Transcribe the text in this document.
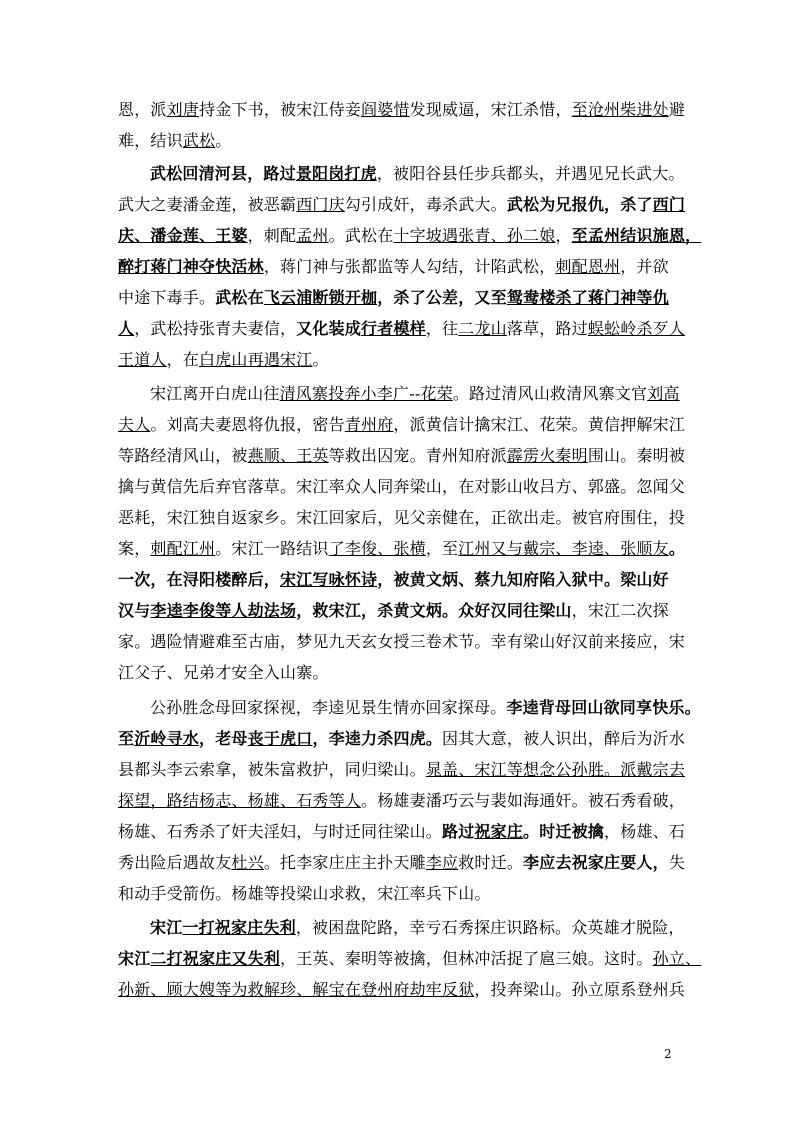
恩，派刘唐持金下书，被宋江侍妾阎婆惜发现威逼，宋江杀惜，至沧州柴进处避
难，结识武松。
武松回清河县，路过景阳岗打虎，被阳谷县任步兵都头，并遇见兄长武大。
武大之妻潘金莲，被恶霸西门庆勾引成奸，毒杀武大。武松为兄报仇，杀了西门
庆、潘金莲、王婆，刺配孟州。武松在十字坡遇张青、孙二娘，至孟州结识施恩，
醉打蒋门神夺快活林，蒋门神与张都监等人勾结，计陷武松，刺配恩州，并欲
中途下毒手。武松在飞云浦断锁开枷，杀了公差，又至鸳鸯楼杀了蒋门神等仇
人，武松持张青夫妻信，又化装成行者模样，往二龙山落草，路过蜈蚣岭杀歹人
王道人，在白虎山再遇宋江。
宋江离开白虎山往清风寨投奔小李广--花荣。路过清风山救清风寨文官刘高
夫人。刘高夫妻恩将仇报，密告青州府，派黄信计擒宋江、花荣。黄信押解宋江
等路经清风山，被燕顺、王英等救出囚宠。青州知府派霹雳火秦明围山。秦明被
擒与黄信先后弃官落草。宋江率众人同奔梁山，在对影山收吕方、郭盛。忽闻父
恶耗，宋江独自返家乡。宋江回家后，见父亲健在，正欲出走。被官府围住，投
案，刺配江州。宋江一路结识了李俊、张横，至江州又与戴宗、李逵、张顺友。
一次，在浔阳楼醉后，宋江写咏怀诗，被黄文炳、蔡九知府陷入狱中。梁山好
汉与李逵李俊等人劫法场，救宋江，杀黄文炳。众好汉同往梁山，宋江二次探
家。遇险情避难至古庙，梦见九天玄女授三卷术节。幸有梁山好汉前来接应，宋
江父子、兄弟才安全入山寨。
公孙胜念母回家探视，李逵见景生情亦回家探母。李逵背母回山欲同享快乐。
至沂岭寻水，老母丧于虎口，李逵力杀四虎。因其大意，被人识出，醉后为沂水
县都头李云索拿，被朱富救护，同归梁山。晁盖、宋江等想念公孙胜。派戴宗去
探望，路结杨志、杨雄、石秀等人。杨雄妻潘巧云与裴如海通奸。被石秀看破，
杨雄、石秀杀了奸夫淫妇，与时迁同往梁山。路过祝家庄。时迁被擒，杨雄、石
秀出险后遇故友杜兴。托李家庄庄主扑天雕李应救时迁。李应去祝家庄要人，失
和动手受箭伤。杨雄等投梁山求救，宋江率兵下山。
宋江一打祝家庄失利，被困盘陀路，幸亏石秀探庄识路标。众英雄才脱险，
宋江二打祝家庄又失利，王英、秦明等被擒，但林冲活捉了扈三娘。这时。孙立、
孙新、顾大嫂等为救解珍、解宝在登州府劫牢反狱，投奔梁山。孙立原系登州兵
2
